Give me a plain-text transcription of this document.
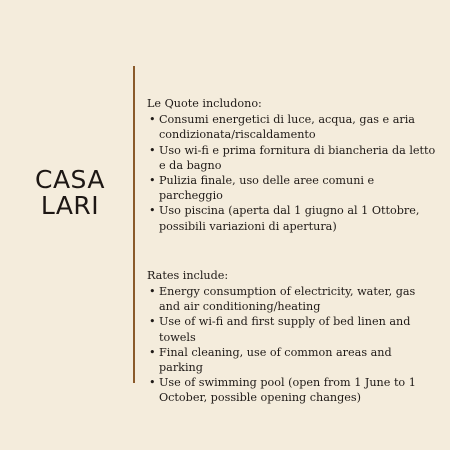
CASA
LARI
Le Quote includono:
• Consumi energetici di luce, acqua, gas e aria condizionata/riscaldamento
• Uso wi-fi e prima fornitura di biancheria da letto e da bagno
• Pulizia finale, uso delle aree comuni e parcheggio
• Uso piscina (aperta dal 1 giugno al 1 Ottobre, possibili variazioni di apertura)
Rates include:
• Energy consumption of electricity, water, gas and air conditioning/heating
• Use of wi-fi and first supply of bed linen and towels
• Final cleaning, use of common areas and parking
• Use of swimming pool (open from 1 June to 1 October, possible opening changes)
